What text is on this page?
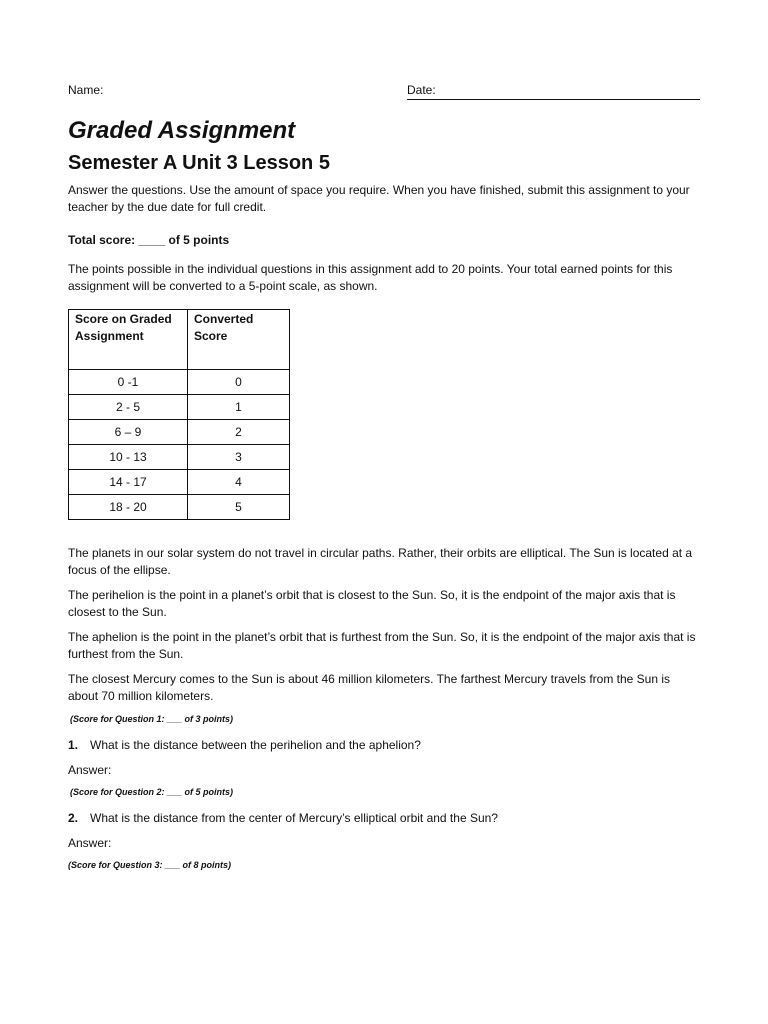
Name:	Date:
Graded Assignment
Semester A Unit 3 Lesson 5

Answer the questions. Use the amount of space you require. When you have finished, submit this assignment to your teacher by the due date for full credit.

Total score: ____ of 5 points

The points possible in the individual questions in this assignment add to 20 points. Your total earned points for this assignment will be converted to a 5-point scale, as shown.

Score on Graded Assignment	Converted Score
0 -1	0
2 - 5	1
6 – 9	2
10 - 13	3
14 - 17	4
18 - 20	5

The planets in our solar system do not travel in circular paths. Rather, their orbits are elliptical. The Sun is located at a focus of the ellipse.

The perihelion is the point in a planet’s orbit that is closest to the Sun. So, it is the endpoint of the major axis that is closest to the Sun.

The aphelion is the point in the planet’s orbit that is furthest from the Sun. So, it is the endpoint of the major axis that is furthest from the Sun.

The closest Mercury comes to the Sun is about 46 million kilometers. The farthest Mercury travels from the Sun is about 70 million kilometers.

(Score for Question 1: ___ of 3 points)

1. What is the distance between the perihelion and the aphelion?

Answer:

(Score for Question 2: ___ of 5 points)

2. What is the distance from the center of Mercury’s elliptical orbit and the Sun?

Answer:

(Score for Question 3: ___ of 8 points)
